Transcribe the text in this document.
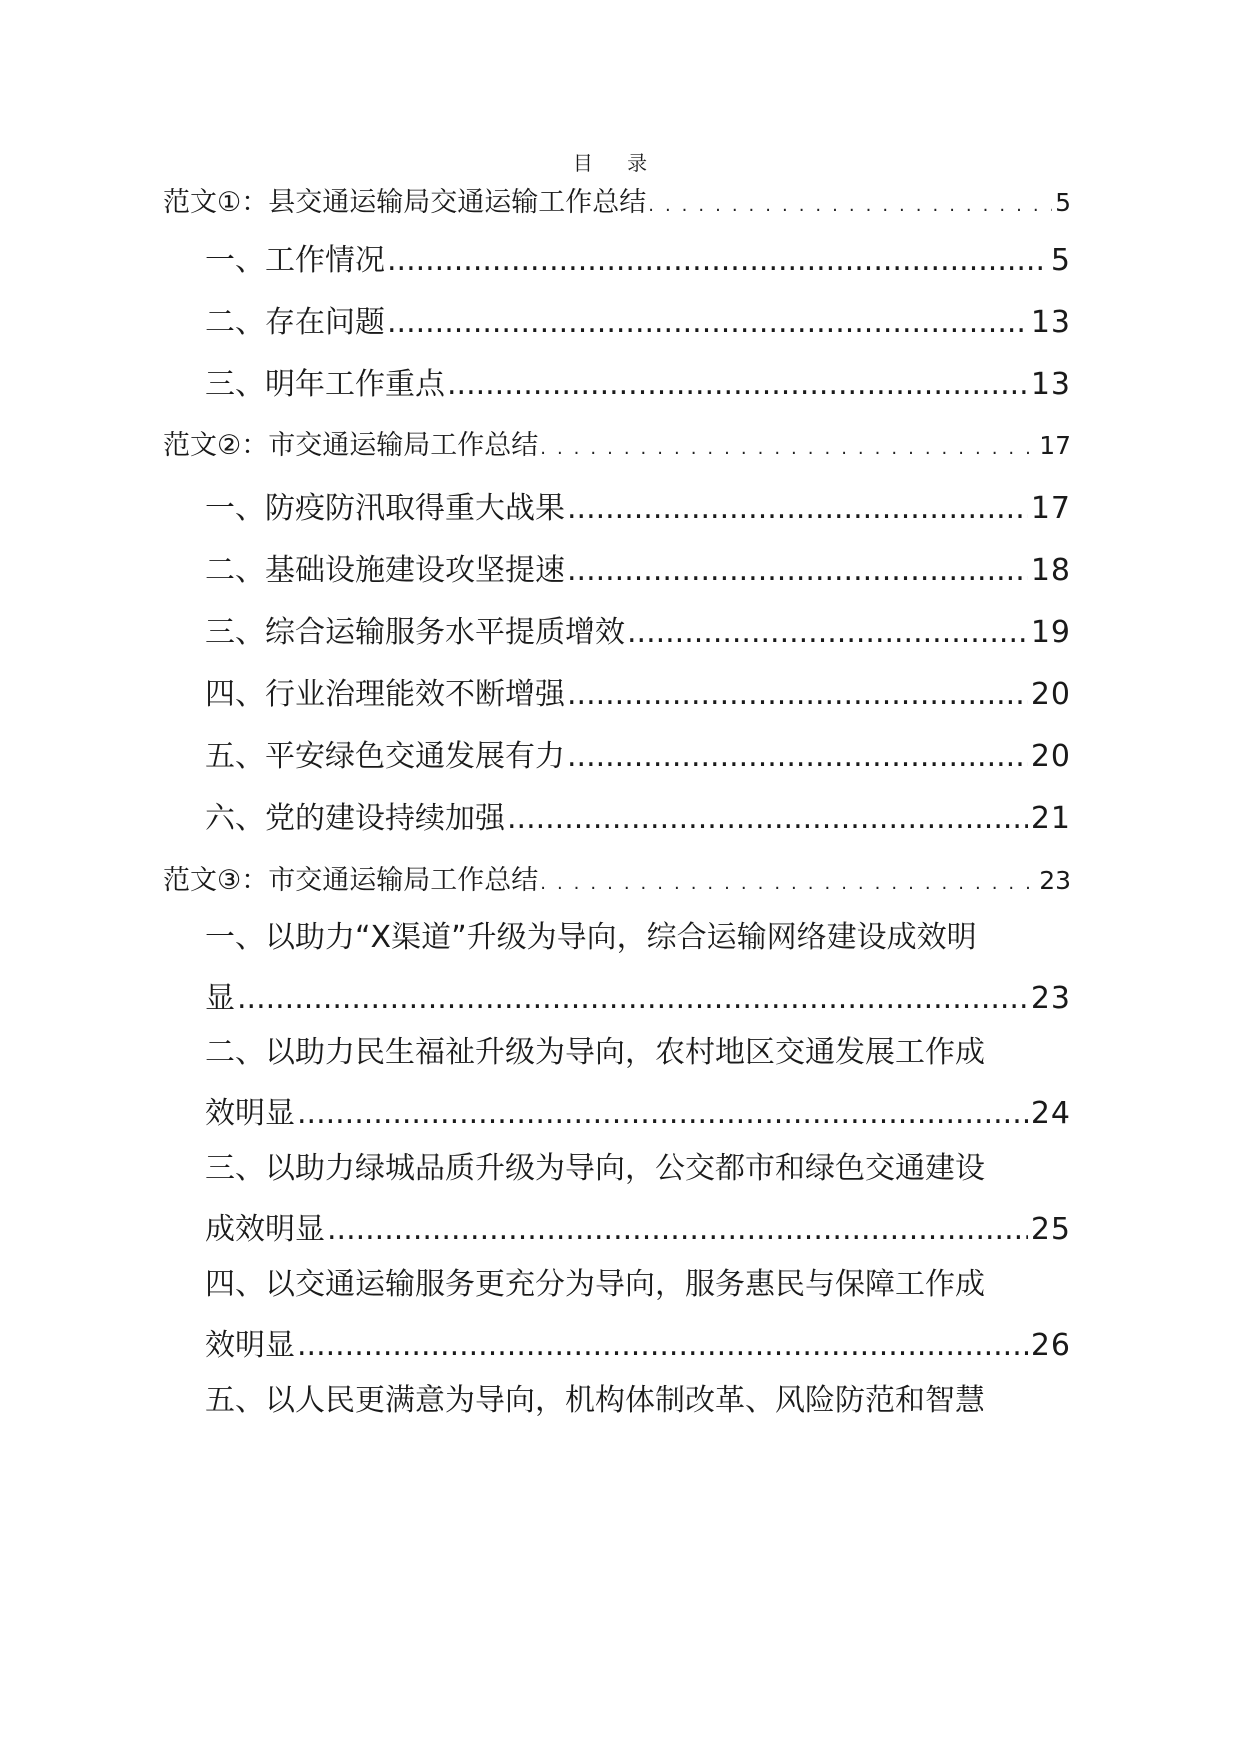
目 录
范文①：县交通运输局交通运输工作总结 .....	5
一、工作情况 .....	5
二、存在问题 .....	13
三、明年工作重点 .....	13
范文②：市交通运输局工作总结 .....	17
一、防疫防汛取得重大战果 .....	17
二、基础设施建设攻坚提速 .....	18
三、综合运输服务水平提质增效 .....	19
四、行业治理能效不断增强 .....	20
五、平安绿色交通发展有力 .....	20
六、党的建设持续加强 .....	21
范文③：市交通运输局工作总结 .....	23
一、以助力“X渠道”升级为导向，综合运输网络建设成效明
显 .....	23
二、以助力民生福祉升级为导向，农村地区交通发展工作成
效明显 .....	24
三、以助力绿城品质升级为导向，公交都市和绿色交通建设
成效明显 .....	25
四、以交通运输服务更充分为导向，服务惠民与保障工作成
效明显 .....	26
五、以人民更满意为导向，机构体制改革、风险防范和智慧
